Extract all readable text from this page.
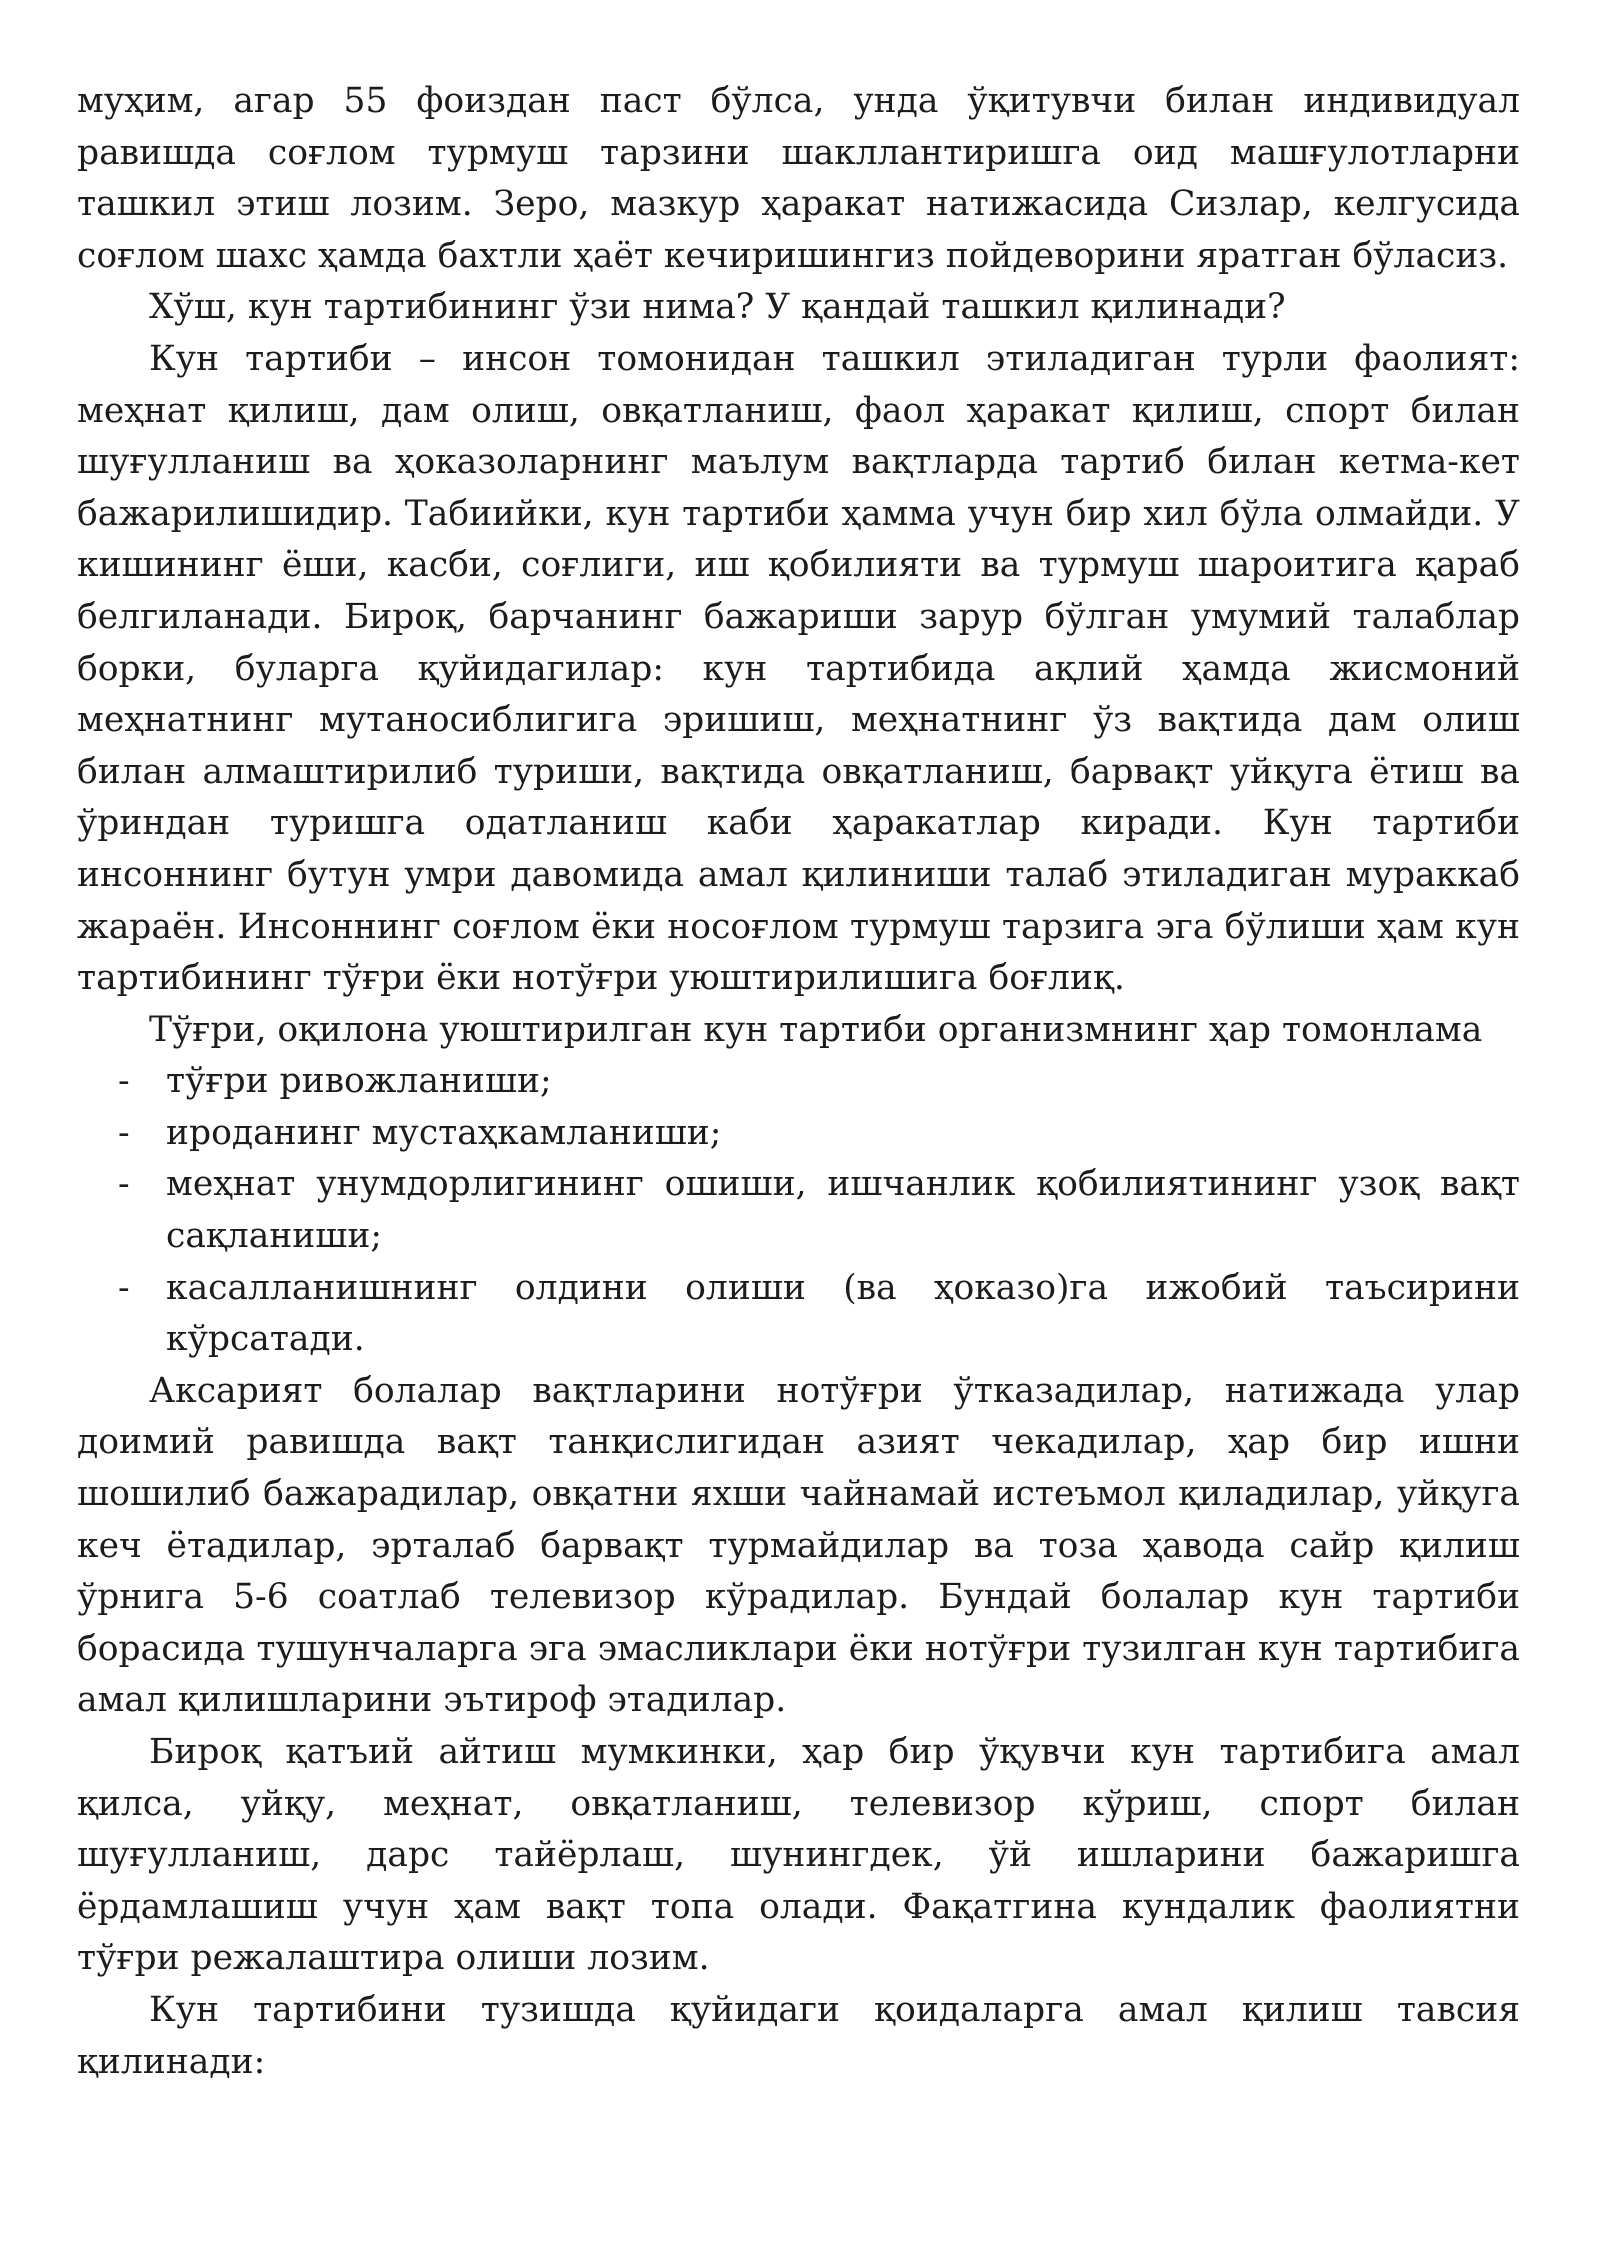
муҳим, агар 55 фоиздан паст бўлса, унда ўқитувчи билан индивидуал равишда соғлом турмуш тарзини шакллантиришга оид машғулотларни ташкил этиш лозим. Зеро, мазкур ҳаракат натижасида Сизлар, келгусида соғлом шахс ҳамда бахтли ҳаёт кечиришингиз пойдеворини яратган бўласиз.

Хўш, кун тартибининг ўзи нима? У қандай ташкил қилинади?

Кун тартиби – инсон томонидан ташкил этиладиган турли фаолият: меҳнат қилиш, дам олиш, овқатланиш, фаол ҳаракат қилиш, спорт билан шуғулланиш ва ҳоказоларнинг маълум вақтларда тартиб билан кетма-кет бажарилишидир. Табиийки, кун тартиби ҳамма учун бир хил бўла олмайди. У кишининг ёши, касби, соғлиги, иш қобилияти ва турмуш шароитига қараб белгиланади. Бироқ, барчанинг бажариши зарур бўлган умумий талаблар борки, буларга қуйидагилар: кун тартибида ақлий ҳамда жисмоний меҳнатнинг мутаносиблигига эришиш, меҳнатнинг ўз вақтида дам олиш билан алмаштирилиб туриши, вақтида овқатланиш, барвақт уйқуга ётиш ва ўриндан туришга одатланиш каби ҳаракатлар киради. Кун тартиби инсоннинг бутун умри давомида амал қилиниши талаб этиладиган мураккаб жараён. Инсоннинг соғлом ёки носоғлом турмуш тарзига эга бўлиши ҳам кун тартибининг тўғри ёки нотўғри уюштирилишига боғлиқ.

Тўғри, оқилона уюштирилган кун тартиби организмнинг ҳар томонлама

- тўғри ривожланиши;
- ироданинг мустаҳкамланиши;
- меҳнат унумдорлигининг ошиши, ишчанлик қобилиятининг узоқ вақт сақланиши;
- касалланишнинг олдини олиши (ва ҳоказо)га ижобий таъсирини кўрсатади.

Аксарият болалар вақтларини нотўғри ўтказадилар, натижада улар доимий равишда вақт танқислигидан азият чекадилар, ҳар бир ишни шошилиб бажарадилар, овқатни яхши чайнамай истеъмол қиладилар, уйқуга кеч ётадилар, эрталаб барвақт турмайдилар ва тоза ҳавода сайр қилиш ўрнига 5-6 соатлаб телевизор кўрадилар. Бундай болалар кун тартиби борасида тушунчаларга эга эмасликлари ёки нотўғри тузилган кун тартибига амал қилишларини эътироф этадилар.

Бироқ қатъий айтиш мумкинки, ҳар бир ўқувчи кун тартибига амал қилса, уйқу, меҳнат, овқатланиш, телевизор кўриш, спорт билан шуғулланиш, дарс тайёрлаш, шунингдек, ўй ишларини бажаришга ёрдамлашиш учун ҳам вақт топа олади. Фақатгина кундалик фаолиятни тўғри режалаштира олиши лозим.

Кун тартибини тузишда қуйидаги қоидаларга амал қилиш тавсия қилинади:
